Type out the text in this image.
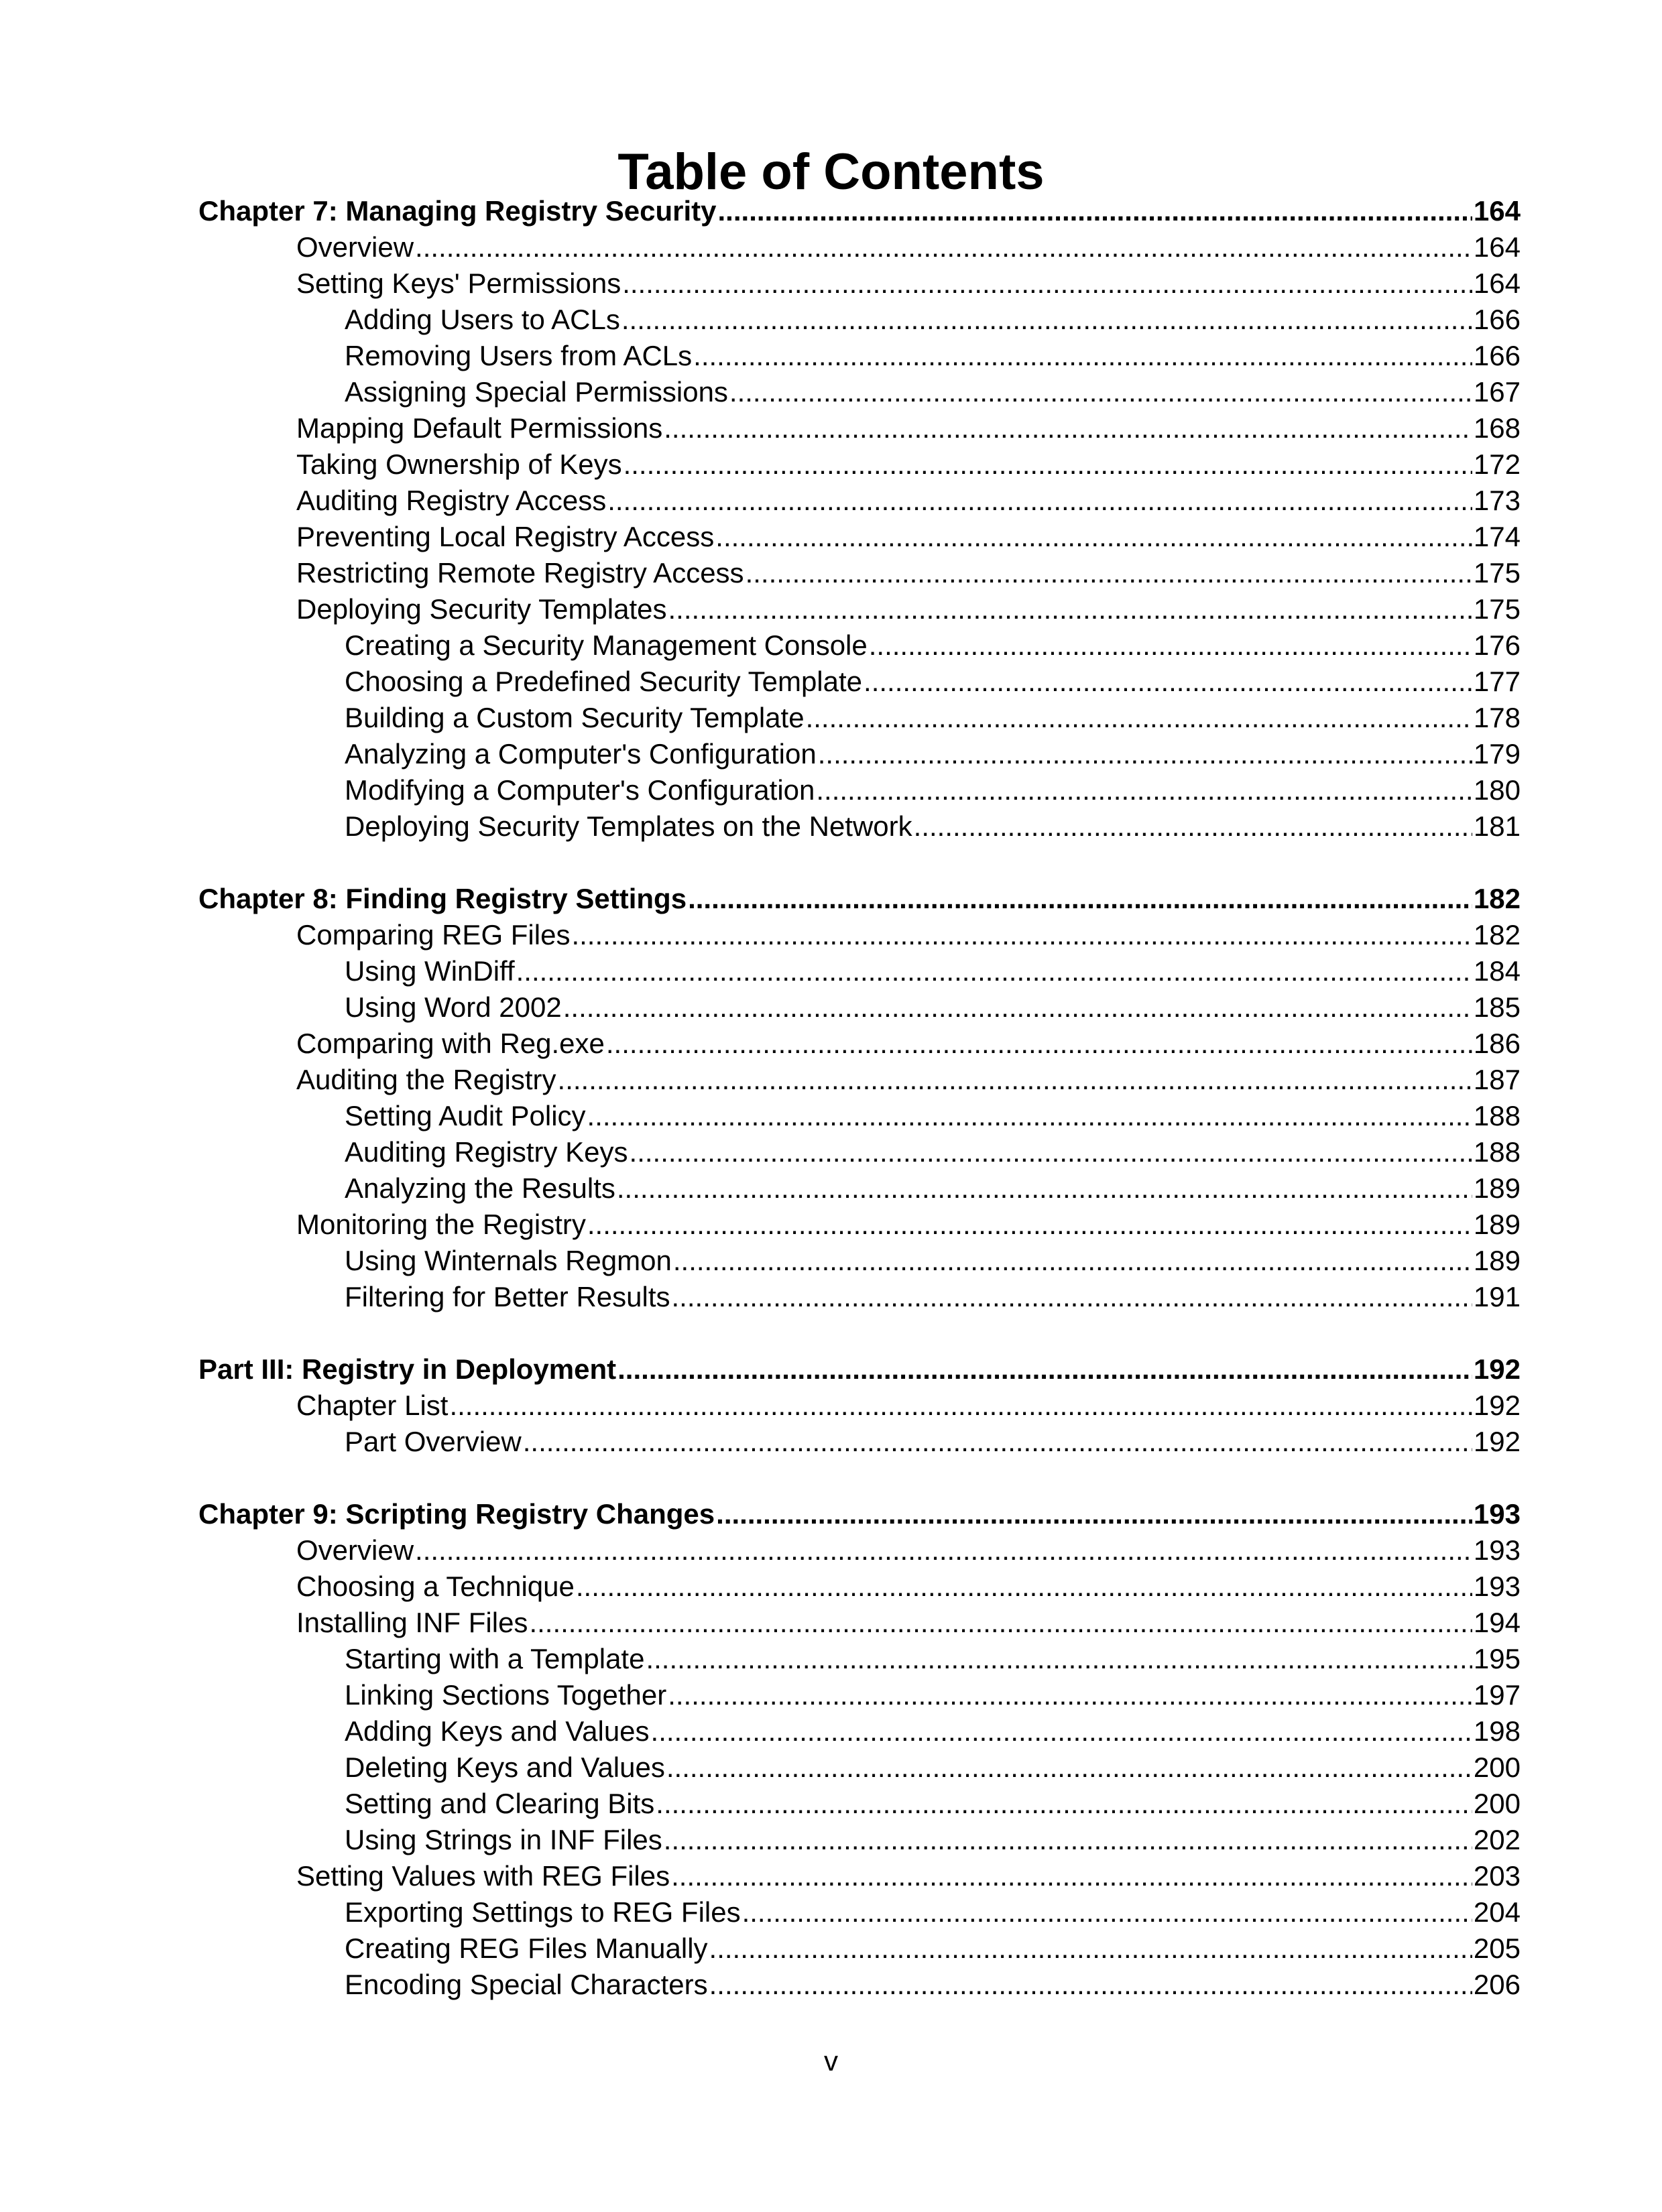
Table of Contents
Chapter 7: Managing Registry Security .....	164
Overview .....	164
Setting Keys' Permissions .....	164
Adding Users to ACLs .....	166
Removing Users from ACLs .....	166
Assigning Special Permissions .....	167
Mapping Default Permissions .....	168
Taking Ownership of Keys .....	172
Auditing Registry Access .....	173
Preventing Local Registry Access .....	174
Restricting Remote Registry Access .....	175
Deploying Security Templates .....	175
Creating a Security Management Console .....	176
Choosing a Predefined Security Template .....	177
Building a Custom Security Template .....	178
Analyzing a Computer's Configuration .....	179
Modifying a Computer's Configuration .....	180
Deploying Security Templates on the Network .....	181
Chapter 8: Finding Registry Settings .....	182
Comparing REG Files .....	182
Using WinDiff .....	184
Using Word 2002 .....	185
Comparing with Reg.exe .....	186
Auditing the Registry .....	187
Setting Audit Policy .....	188
Auditing Registry Keys .....	188
Analyzing the Results .....	189
Monitoring the Registry .....	189
Using Winternals Regmon .....	189
Filtering for Better Results .....	191
Part III: Registry in Deployment .....	192
Chapter List .....	192
Part Overview .....	192
Chapter 9: Scripting Registry Changes .....	193
Overview .....	193
Choosing a Technique .....	193
Installing INF Files .....	194
Starting with a Template .....	195
Linking Sections Together .....	197
Adding Keys and Values .....	198
Deleting Keys and Values .....	200
Setting and Clearing Bits .....	200
Using Strings in INF Files .....	202
Setting Values with REG Files .....	203
Exporting Settings to REG Files .....	204
Creating REG Files Manually .....	205
Encoding Special Characters .....	206
v
